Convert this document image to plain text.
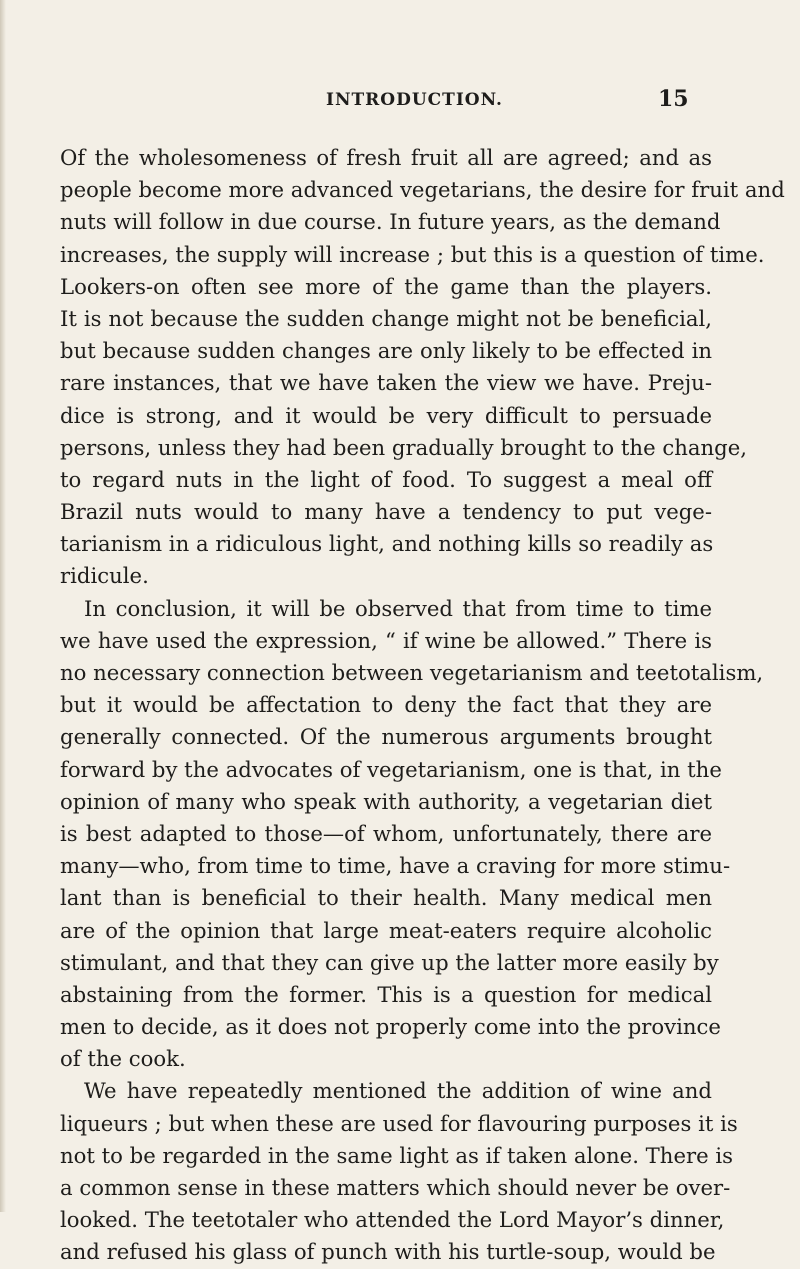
INTRODUCTION.	15
Of the wholesomeness of fresh fruit all are agreed; and as
people become more advanced vegetarians, the desire for fruit and
nuts will follow in due course. In future years, as the demand
increases, the supply will increase ; but this is a question of time.
Lookers-on often see more of the game than the players.
It is not because the sudden change might not be beneficial,
but because sudden changes are only likely to be effected in
rare instances, that we have taken the view we have. Preju-
dice is strong, and it would be very difficult to persuade
persons, unless they had been gradually brought to the change,
to regard nuts in the light of food. To suggest a meal off
Brazil nuts would to many have a tendency to put vege-
tarianism in a ridiculous light, and nothing kills so readily as
ridicule.
In conclusion, it will be observed that from time to time
we have used the expression, “ if wine be allowed.” There is
no necessary connection between vegetarianism and teetotalism,
but it would be affectation to deny the fact that they are
generally connected. Of the numerous arguments brought
forward by the advocates of vegetarianism, one is that, in the
opinion of many who speak with authority, a vegetarian diet
is best adapted to those—of whom, unfortunately, there are
many—who, from time to time, have a craving for more stimu-
lant than is beneficial to their health. Many medical men
are of the opinion that large meat-eaters require alcoholic
stimulant, and that they can give up the latter more easily by
abstaining from the former. This is a question for medical
men to decide, as it does not properly come into the province
of the cook.
We have repeatedly mentioned the addition of wine and
liqueurs ; but when these are used for flavouring purposes it is
not to be regarded in the same light as if taken alone. There is
a common sense in these matters which should never be over-
looked. The teetotaler who attended the Lord Mayor’s dinner,
and refused his glass of punch with his turtle-soup, would be
